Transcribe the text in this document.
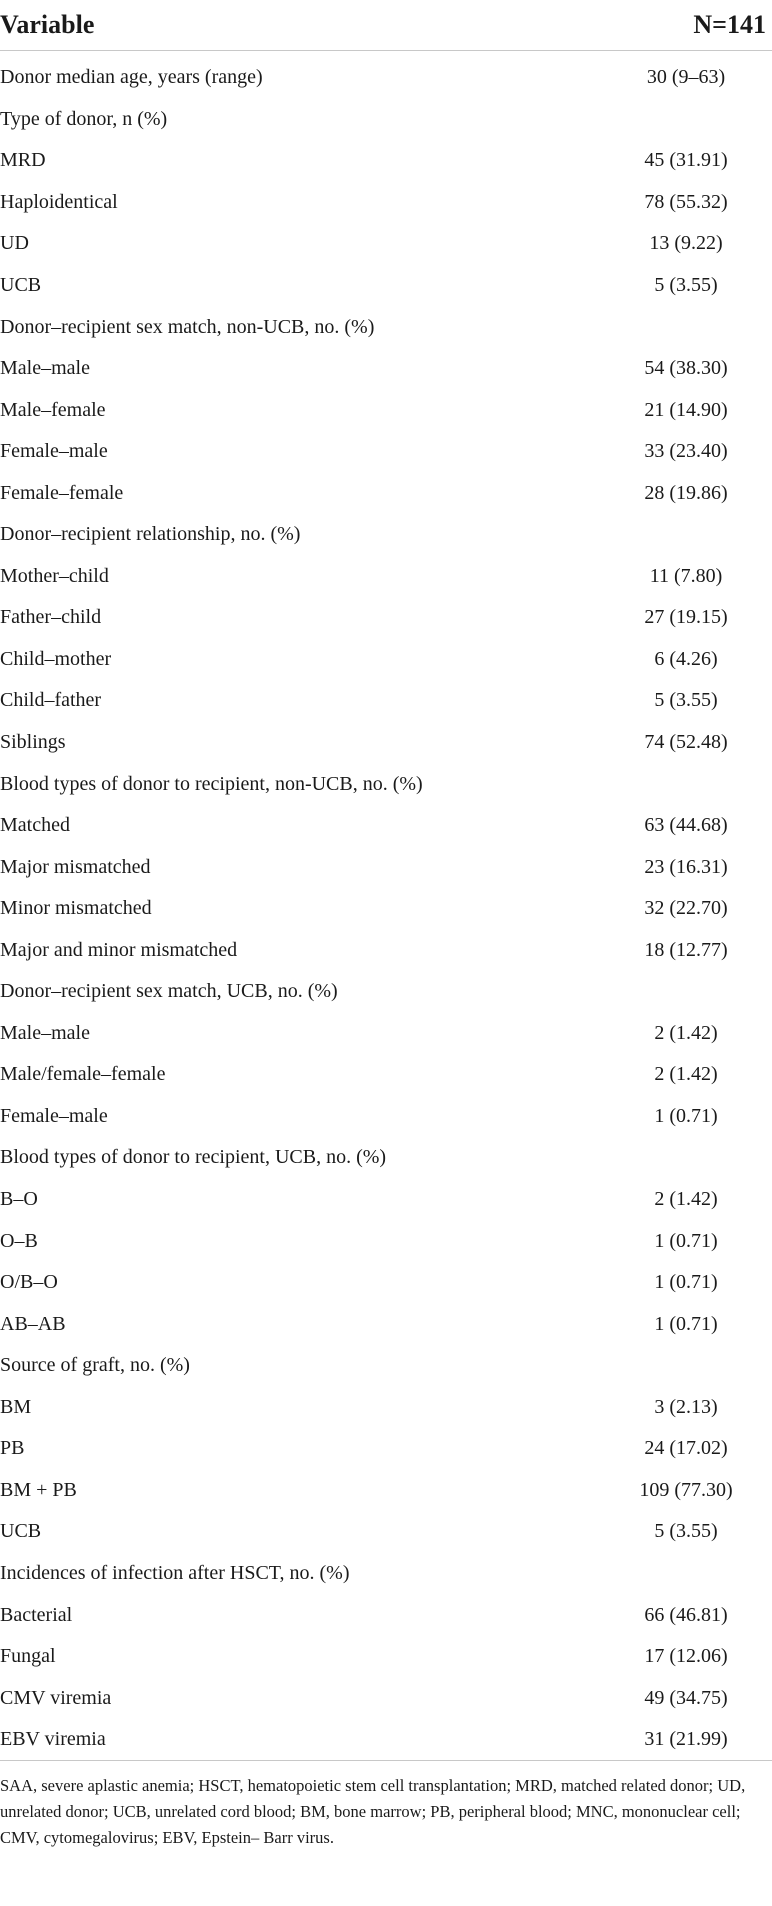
Variable	N=141
Donor median age, years (range)	30 (9–63)
Type of donor, n (%)	
MRD	45 (31.91)
Haploidentical	78 (55.32)
UD	13 (9.22)
UCB	5 (3.55)
Donor–recipient sex match, non-UCB, no. (%)	
Male–male	54 (38.30)
Male–female	21 (14.90)
Female–male	33 (23.40)
Female–female	28 (19.86)
Donor–recipient relationship, no. (%)	
Mother–child	11 (7.80)
Father–child	27 (19.15)
Child–mother	6 (4.26)
Child–father	5 (3.55)
Siblings	74 (52.48)
Blood types of donor to recipient, non-UCB, no. (%)	
Matched	63 (44.68)
Major mismatched	23 (16.31)
Minor mismatched	32 (22.70)
Major and minor mismatched	18 (12.77)
Donor–recipient sex match, UCB, no. (%)	
Male–male	2 (1.42)
Male/female–female	2 (1.42)
Female–male	1 (0.71)
Blood types of donor to recipient, UCB, no. (%)	
B–O	2 (1.42)
O–B	1 (0.71)
O/B–O	1 (0.71)
AB–AB	1 (0.71)
Source of graft, no. (%)	
BM	3 (2.13)
PB	24 (17.02)
BM + PB	109 (77.30)
UCB	5 (3.55)
Incidences of infection after HSCT, no. (%)	
Bacterial	66 (46.81)
Fungal	17 (12.06)
CMV viremia	49 (34.75)
EBV viremia	31 (21.99)

SAA, severe aplastic anemia; HSCT, hematopoietic stem cell transplantation; MRD, matched related donor; UD, unrelated donor; UCB, unrelated cord blood; BM, bone marrow; PB, peripheral blood; MNC, mononuclear cell; CMV, cytomegalovirus; EBV, Epstein– Barr virus.
